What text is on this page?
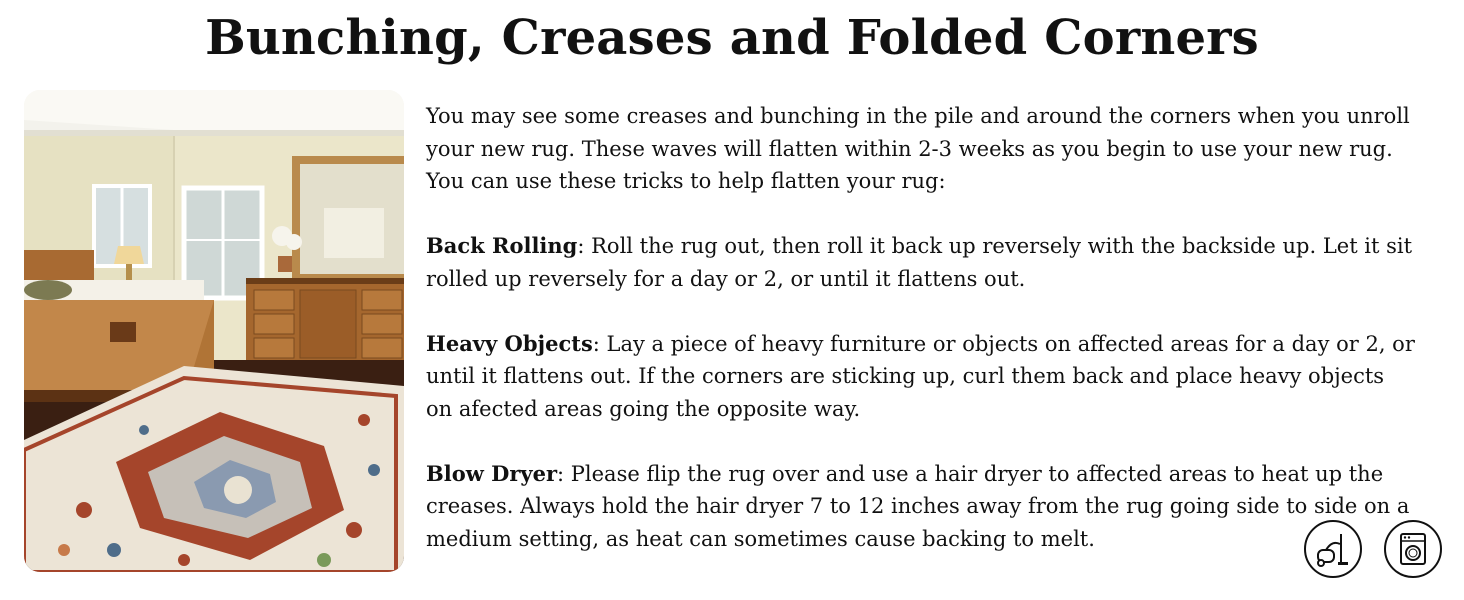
Bunching, Creases and Folded Corners

You may see some creases and bunching in the pile and around the corners when you unroll your new rug. These waves will flatten within 2-3 weeks as you begin to use your new rug. You can use these tricks to help flatten your rug:

Back Rolling: Roll the rug out, then roll it back up reversely with the backside up. Let it sit rolled up reversely for a day or 2, or until it flattens out.

Heavy Objects: Lay a piece of heavy furniture or objects on affected areas for a day or 2, or until it flattens out. If the corners are sticking up, curl them back and place heavy objects on afected areas going the opposite way.

Blow Dryer: Please flip the rug over and use a hair dryer to affected areas to heat up the creases. Always hold the hair dryer 7 to 12 inches away from the rug going side to side on a medium setting, as heat can sometimes cause backing to melt.
